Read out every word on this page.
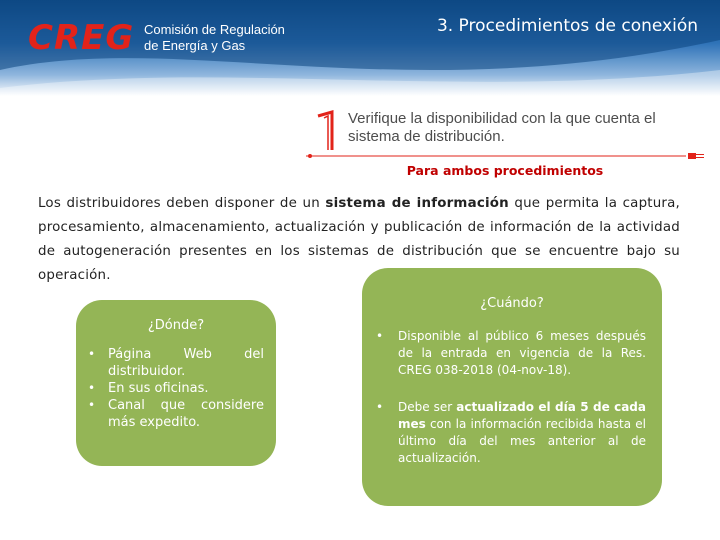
CREG Comisión de Regulación
de Energía y Gas
3. Procedimientos de conexión
Verifique la disponibilidad con la que cuenta el sistema de distribución.

Para ambos procedimientos

Los distribuidores deben disponer de un sistema de información que permita la captura, procesamiento, almacenamiento, actualización y publicación de información de la actividad de autogeneración presentes en los sistemas de distribución que se encuentre bajo su operación.

¿Dónde?

• Página Web del distribuidor.
• En sus oficinas.
• Canal que considere más expedito.

¿Cuándo?

• Disponible al público 6 meses después de la entrada en vigencia de la Res. CREG 038-2018 (04-nov-18).
• Debe ser actualizado el día 5 de cada mes con la información recibida hasta el último día del mes anterior al de actualización.
